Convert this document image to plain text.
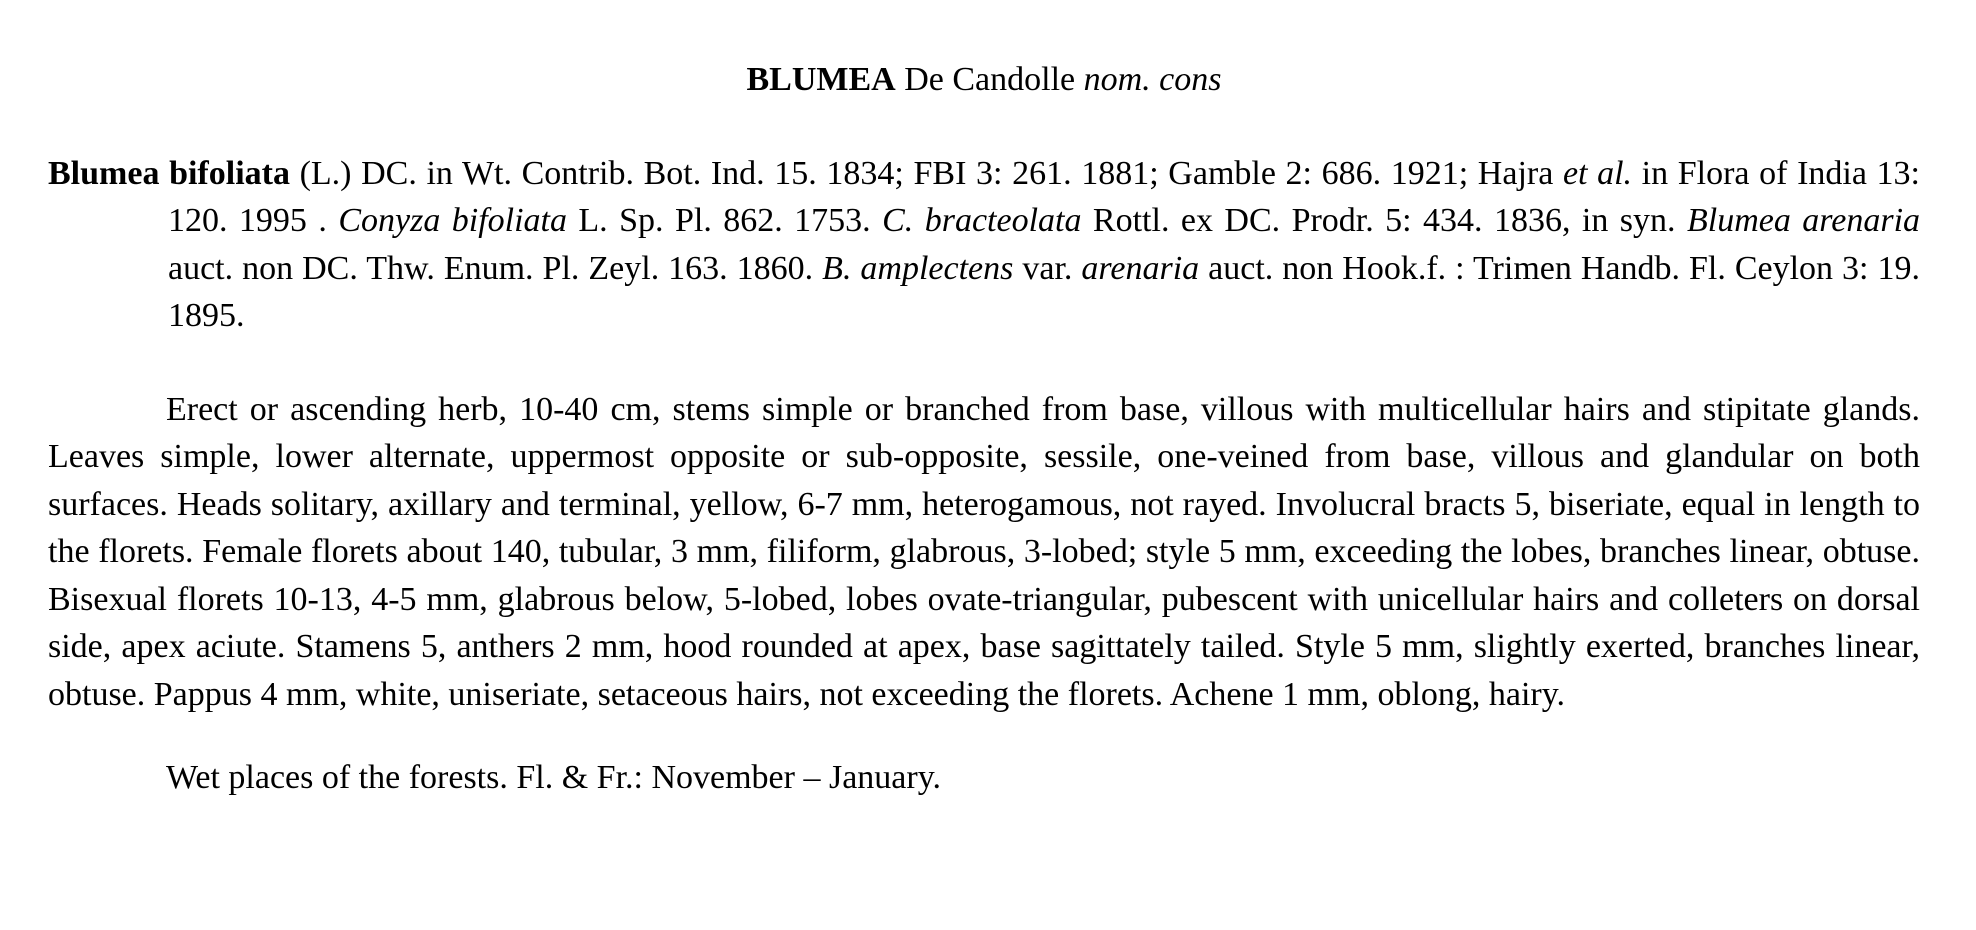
BLUMEA De Candolle nom. cons

Blumea bifoliata (L.) DC. in Wt. Contrib. Bot. Ind. 15. 1834; FBI 3: 261. 1881; Gamble 2: 686. 1921; Hajra et al. in Flora of India 13: 120. 1995 . Conyza bifoliata L. Sp. Pl. 862. 1753. C. bracteolata Rottl. ex DC. Prodr. 5: 434. 1836, in syn. Blumea arenaria auct. non DC. Thw. Enum. Pl. Zeyl. 163. 1860. B. amplectens var. arenaria auct. non Hook.f. : Trimen Handb. Fl. Ceylon 3: 19. 1895.

Erect or ascending herb, 10-40 cm, stems simple or branched from base, villous with multicellular hairs and stipitate glands. Leaves simple, lower alternate, uppermost opposite or sub-opposite, sessile, one-veined from base, villous and glandular on both surfaces. Heads solitary, axillary and terminal, yellow, 6-7 mm, heterogamous, not rayed. Involucral bracts 5, biseriate, equal in length to the florets. Female florets about 140, tubular, 3 mm, filiform, glabrous, 3-lobed; style 5 mm, exceeding the lobes, branches linear, obtuse. Bisexual florets 10-13, 4-5 mm, glabrous below, 5-lobed, lobes ovate-triangular, pubescent with unicellular hairs and colleters on dorsal side, apex aciute. Stamens 5, anthers 2 mm, hood rounded at apex, base sagittately tailed. Style 5 mm, slightly exerted, branches linear, obtuse. Pappus 4 mm, white, uniseriate, setaceous hairs, not exceeding the florets. Achene 1 mm, oblong, hairy.

Wet places of the forests. Fl. & Fr.: November – January.
